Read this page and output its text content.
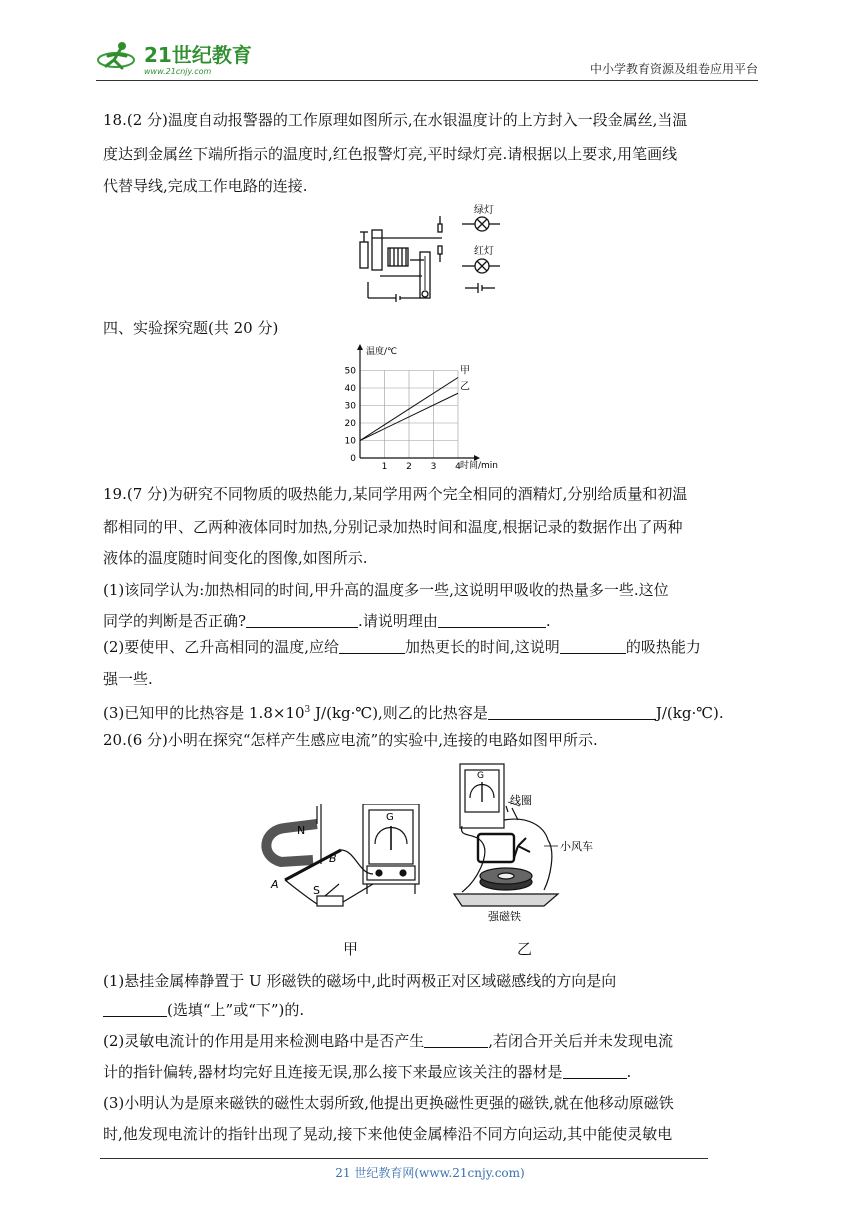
21世纪教育
www.21cnjy.com	中小学教育资源及组卷应用平台

18.(2 分)温度自动报警器的工作原理如图所示,在水银温度计的上方封入一段金属丝,当温

度达到金属丝下端所指示的温度时,红色报警灯亮,平时绿灯亮.请根据以上要求,用笔画线

代替导线,完成工作电路的连接.

绿灯
红灯

四、实验探究题(共 20 分)

温度/℃
时间/min
0
10
20
30
40
50
1 2 3 4
甲
乙

19.(7 分)为研究不同物质的吸热能力,某同学用两个完全相同的酒精灯,分别给质量和初温

都相同的甲、乙两种液体同时加热,分别记录加热时间和温度,根据记录的数据作出了两种

液体的温度随时间变化的图像,如图所示.

(1)该同学认为:加热相同的时间,甲升高的温度多一些,这说明甲吸收的热量多一些.这位

同学的判断是否正确?	.请说明理由	.

(2)要使甲、乙升高相同的温度,应给	加热更长的时间,这说明	的吸热能力

强一些.

(3)已知甲的比热容是 $1.8\times 10^3$ J/(kg·℃),则乙的比热容是	J/(kg·℃).

20.(6 分)小明在探究“怎样产生感应电流”的实验中,连接的电路如图甲所示.

N
B
A	S
G
G
线圈
小风车
强磁铁
甲	乙

(1)悬挂金属棒静置于 U 形磁铁的磁场中,此时两极正对区域磁感线的方向是向

(选填“上”或“下”)的.

(2)灵敏电流计的作用是用来检测电路中是否产生	,若闭合开关后并未发现电流

计的指针偏转,器材均完好且连接无误,那么接下来最应该关注的器材是	.

(3)小明认为是原来磁铁的磁性太弱所致,他提出更换磁性更强的磁铁,就在他移动原磁铁

时,他发现电流计的指针出现了晃动,接下来他使金属棒沿不同方向运动,其中能使灵敏电

21 世纪教育网(www.21cnjy.com)
